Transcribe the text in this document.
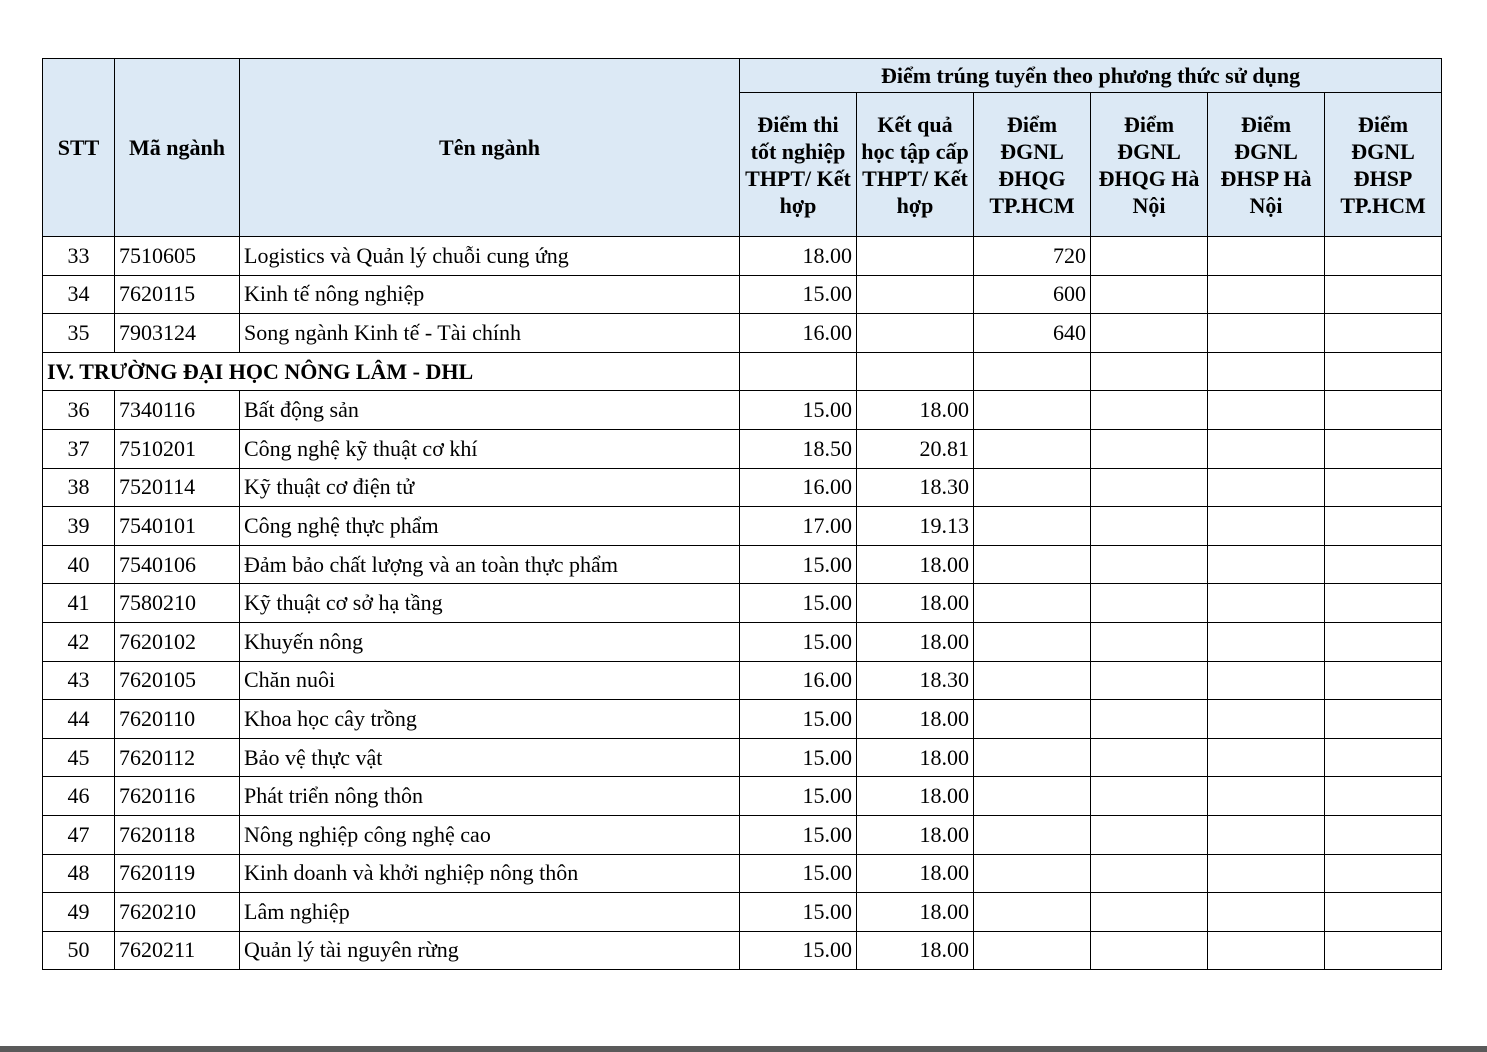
STT	Mã ngành	Tên ngành	Điểm trúng tuyển theo phương thức sử dụng					
			Điểm thi tốt nghiệp THPT/ Kết hợp	Kết quả học tập cấp THPT/ Kết hợp	Điểm ĐGNL ĐHQG TP.HCM	Điểm ĐGNL ĐHQG Hà Nội	Điểm ĐGNL ĐHSP Hà Nội	Điểm ĐGNL ĐHSP TP.HCM
33	7510605	Logistics và Quản lý chuỗi cung ứng	18.00		720			
34	7620115	Kinh tế nông nghiệp	15.00		600			
35	7903124	Song ngành Kinh tế - Tài chính	16.00		640			
IV. TRƯỜNG ĐẠI HỌC NÔNG LÂM - DHL								
36	7340116	Bất động sản	15.00	18.00				
37	7510201	Công nghệ kỹ thuật cơ khí	18.50	20.81				
38	7520114	Kỹ thuật cơ điện tử	16.00	18.30				
39	7540101	Công nghệ thực phẩm	17.00	19.13				
40	7540106	Đảm bảo chất lượng và an toàn thực phẩm	15.00	18.00				
41	7580210	Kỹ thuật cơ sở hạ tầng	15.00	18.00				
42	7620102	Khuyến nông	15.00	18.00				
43	7620105	Chăn nuôi	16.00	18.30				
44	7620110	Khoa học cây trồng	15.00	18.00				
45	7620112	Bảo vệ thực vật	15.00	18.00				
46	7620116	Phát triển nông thôn	15.00	18.00				
47	7620118	Nông nghiệp công nghệ cao	15.00	18.00				
48	7620119	Kinh doanh và khởi nghiệp nông thôn	15.00	18.00				
49	7620210	Lâm nghiệp	15.00	18.00				
50	7620211	Quản lý tài nguyên rừng	15.00	18.00				
